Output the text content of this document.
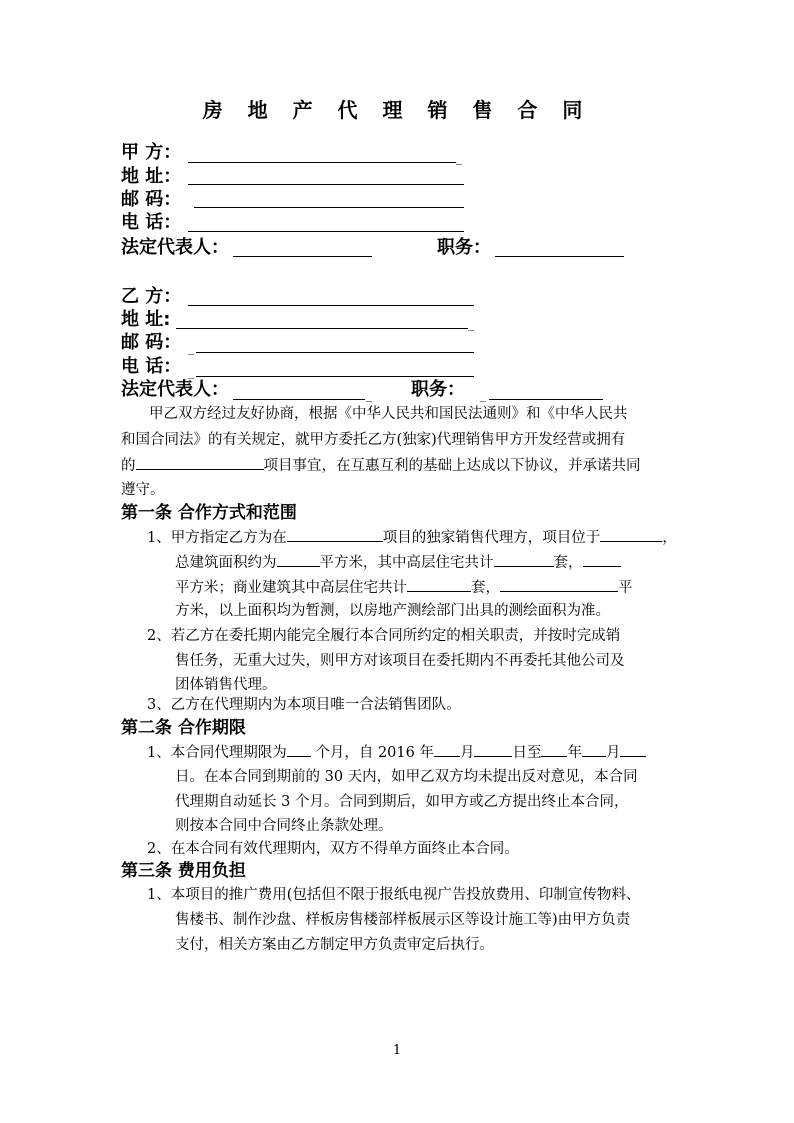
房 地 产 代 理 销 售 合 同
甲 方：	_
地 址：
邮 码：
电 话：
法定代表人：	职务：
乙 方：
地 址:	_
邮 码： _
电 话： _
法定代表人：	_ 职务： _
甲乙双方经过友好协商，根据《中华人民共和国民法通则》和《中华人民共
和国合同法》的有关规定，就甲方委托乙方(独家)代理销售甲方开发经营或拥有
的	项目事宜，在互惠互利的基础上达成以下协议，并承诺共同
遵守。
第一条 合作方式和范围
1、甲方指定乙方为在	项目的独家销售代理方，项目位于	，
总建筑面积约为	平方米，其中高层住宅共计	套，
平方米；商业建筑其中高层住宅共计	套，	平
方米，以上面积均为暂测，以房地产测绘部门出具的测绘面积为准。
2、若乙方在委托期内能完全履行本合同所约定的相关职责，并按时完成销
售任务，无重大过失，则甲方对该项目在委托期内不再委托其他公司及
团体销售代理。
3、乙方在代理期内为本项目唯一合法销售团队。
第二条 合作期限
1、本合同代理期限为 个月，自 2016 年 月	日至 年 月
日。在本合同到期前的 30 天内，如甲乙双方均未提出反对意见，本合同
代理期自动延长 3 个月。合同到期后，如甲方或乙方提出终止本合同，
则按本合同中合同终止条款处理。
2、在本合同有效代理期内，双方不得单方面终止本合同。
第三条 费用负担
1、本项目的推广费用(包括但不限于报纸电视广告投放费用、印制宣传物料、
售楼书、制作沙盘、样板房售楼部样板展示区等设计施工等)由甲方负责
支付，相关方案由乙方制定甲方负责审定后执行。
1
